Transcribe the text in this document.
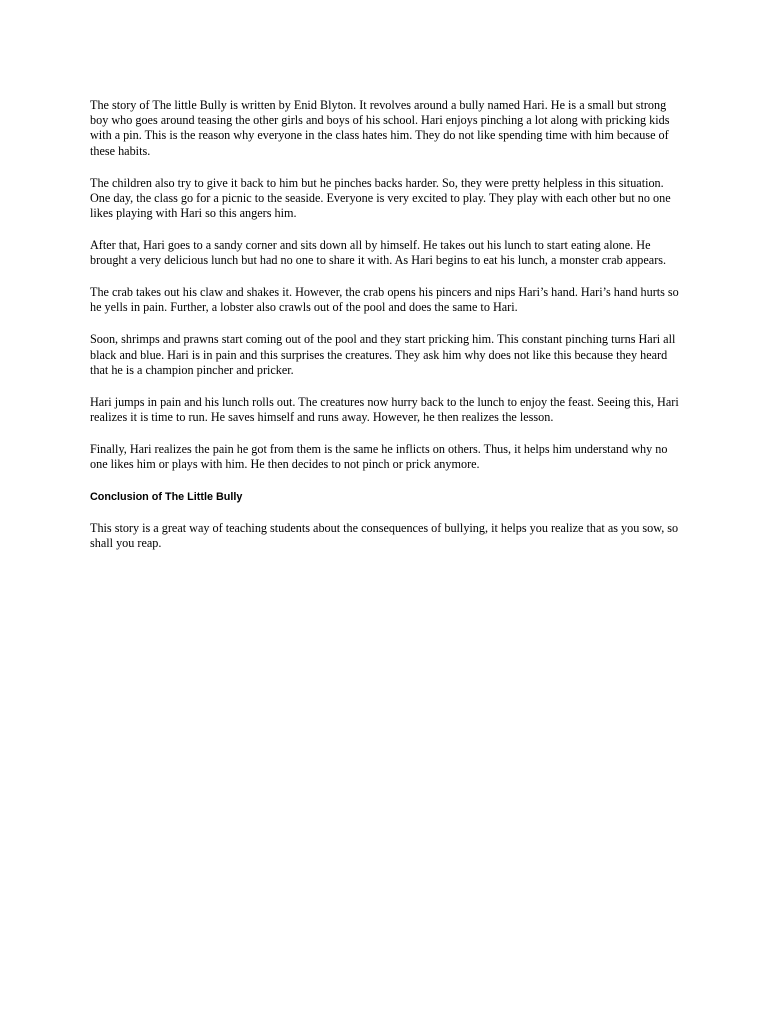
The story of The little Bully is written by Enid Blyton. It revolves around a bully named Hari. He is a small but strong boy who goes around teasing the other girls and boys of his school. Hari enjoys pinching a lot along with pricking kids with a pin. This is the reason why everyone in the class hates him. They do not like spending time with him because of these habits.

The children also try to give it back to him but he pinches backs harder. So, they were pretty helpless in this situation. One day, the class go for a picnic to the seaside. Everyone is very excited to play. They play with each other but no one likes playing with Hari so this angers him.

After that, Hari goes to a sandy corner and sits down all by himself. He takes out his lunch to start eating alone. He brought a very delicious lunch but had no one to share it with. As Hari begins to eat his lunch, a monster crab appears.

The crab takes out his claw and shakes it. However, the crab opens his pincers and nips Hari’s hand. Hari’s hand hurts so he yells in pain. Further, a lobster also crawls out of the pool and does the same to Hari.

Soon, shrimps and prawns start coming out of the pool and they start pricking him. This constant pinching turns Hari all black and blue. Hari is in pain and this surprises the creatures. They ask him why does not like this because they heard that he is a champion pincher and pricker.

Hari jumps in pain and his lunch rolls out. The creatures now hurry back to the lunch to enjoy the feast. Seeing this, Hari realizes it is time to run. He saves himself and runs away. However, he then realizes the lesson.

Finally, Hari realizes the pain he got from them is the same he inflicts on others. Thus, it helps him understand why no one likes him or plays with him. He then decides to not pinch or prick anymore.

Conclusion of The Little Bully

This story is a great way of teaching students about the consequences of bullying, it helps you realize that as you sow, so shall you reap.
